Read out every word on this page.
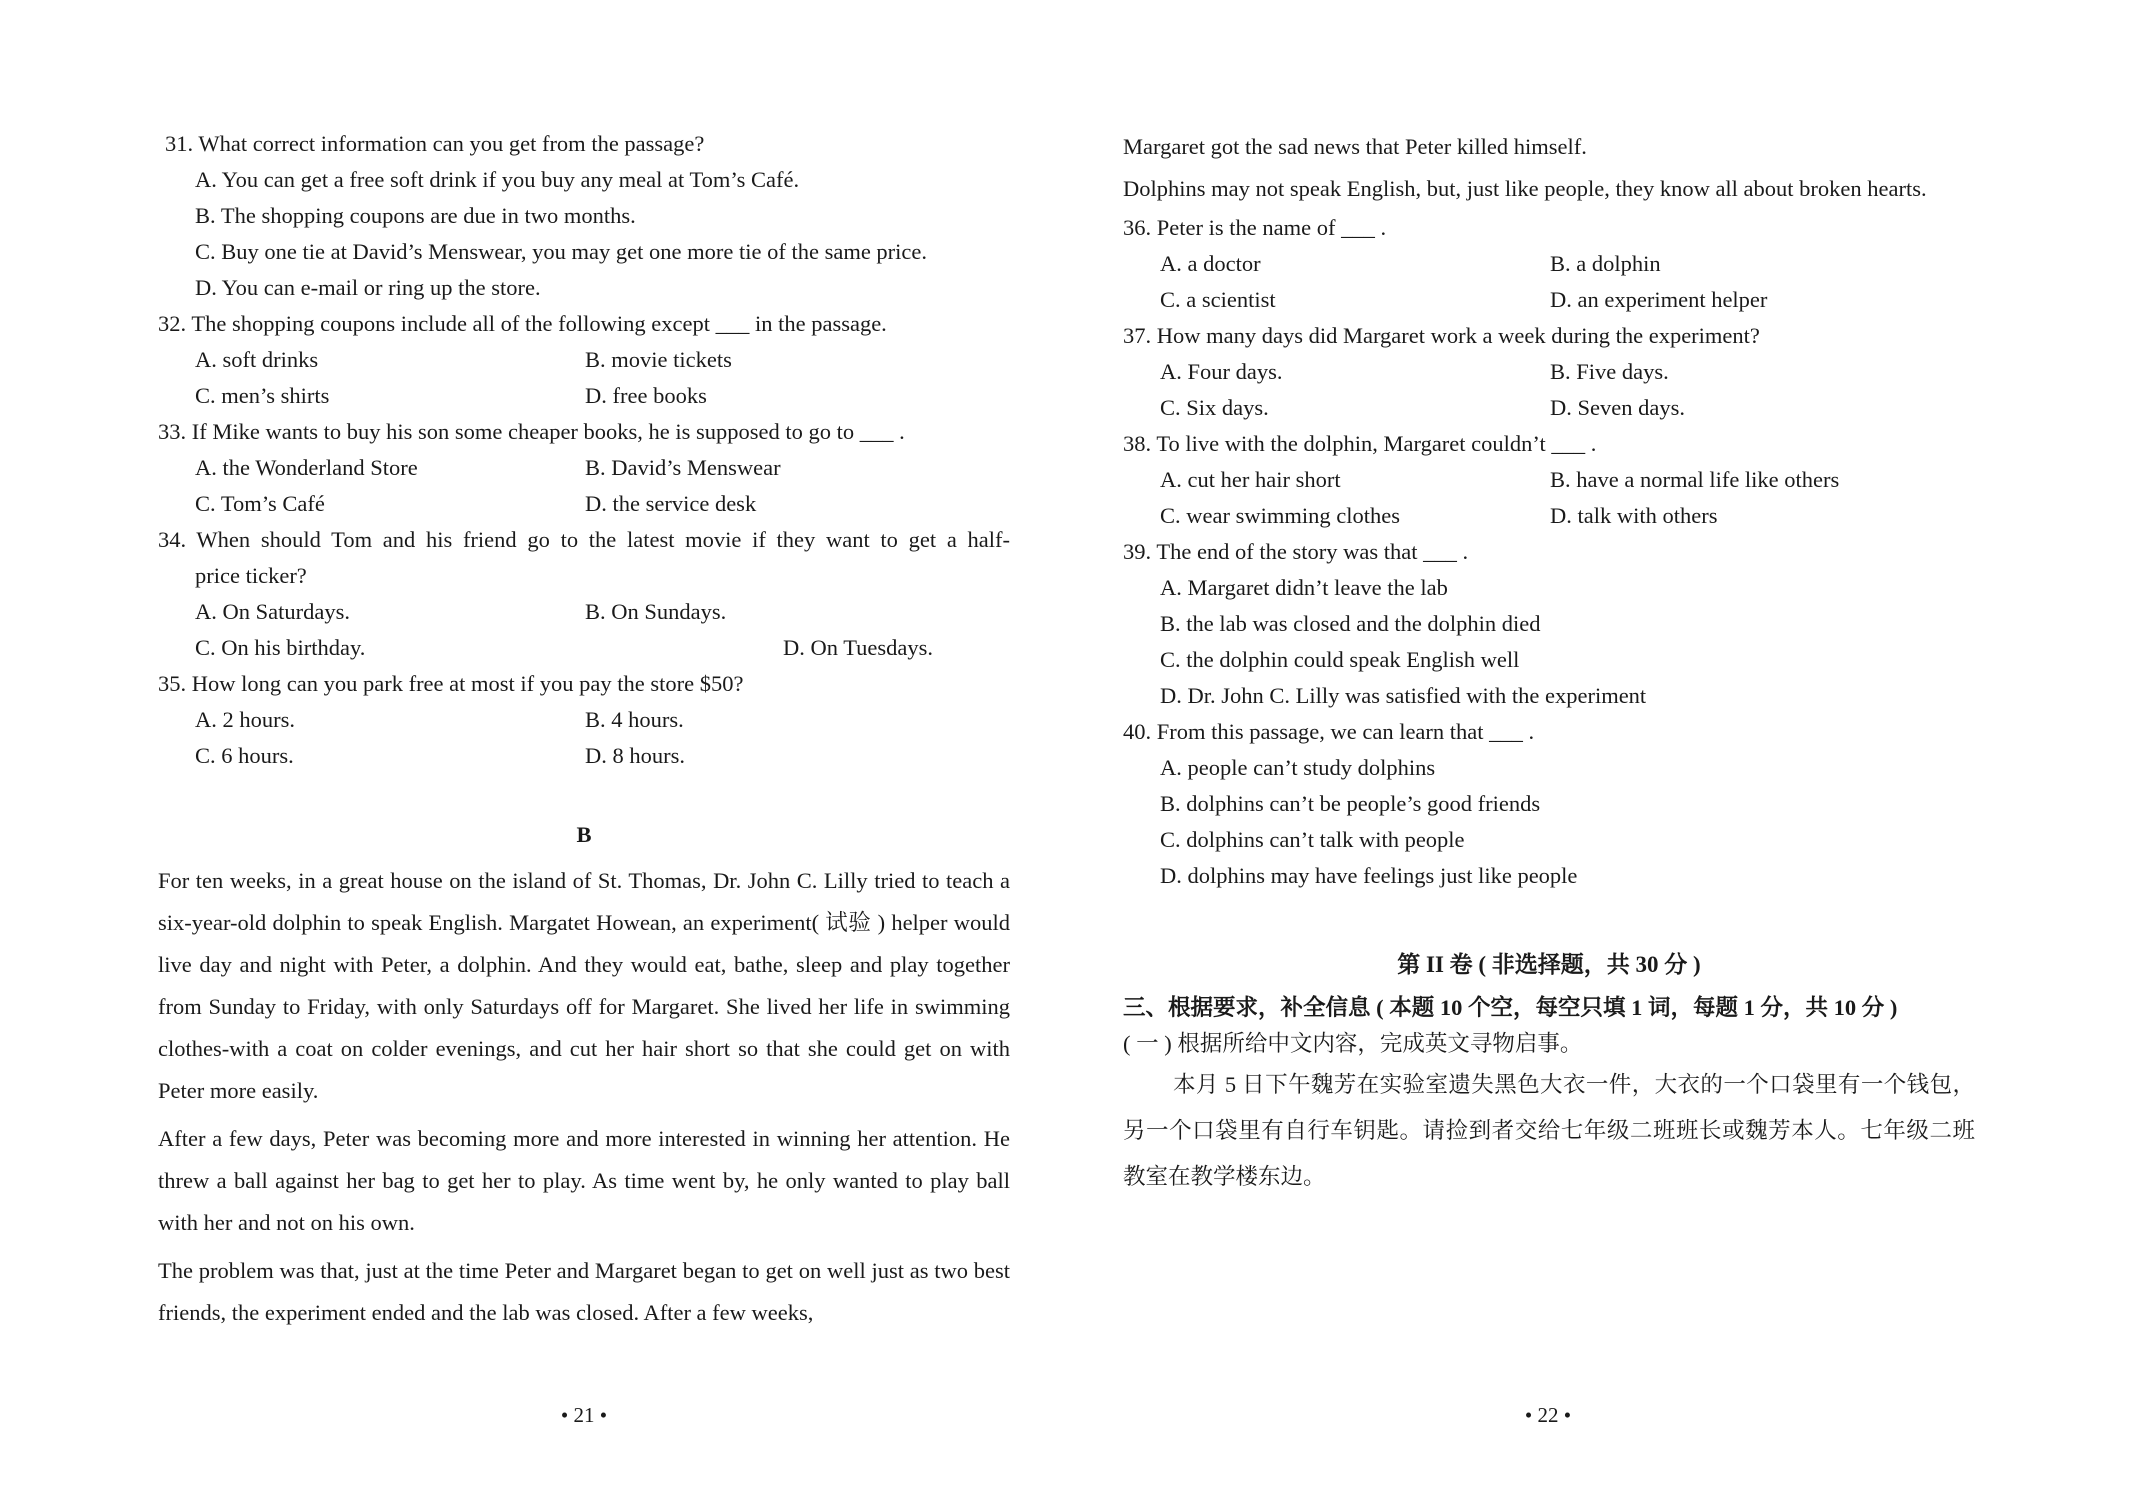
31. What correct information can you get from the passage?
A. You can get a free soft drink if you buy any meal at Tom’s Café.
B. The shopping coupons are due in two months.
C. Buy one tie at David’s Menswear, you may get one more tie of the same price.
D. You can e-mail or ring up the store.
32. The shopping coupons include all of the following except ___ in the passage.
A. soft drinks	B. movie tickets
C. men’s shirts	D. free books
33. If Mike wants to buy his son some cheaper books, he is supposed to go to ___ .
A. the Wonderland Store	B. David’s Menswear
C. Tom’s Café	D. the service desk
34. When should Tom and his friend go to the latest movie if they want to get a half-
price ticker?
A. On Saturdays.	B. On Sundays.
C. On his birthday.	D. On Tuesdays.
35. How long can you park free at most if you pay the store $50?
A. 2 hours.	B. 4 hours.
C. 6 hours.	D. 8 hours.
B
For ten weeks, in a great house on the island of St. Thomas, Dr. John C. Lilly tried to teach a six-year-old dolphin to speak English. Margatet Howean, an experiment( 试验 ) helper would live day and night with Peter, a dolphin. And they would eat, bathe, sleep and play together from Sunday to Friday, with only Saturdays off for Margaret. She lived her life in swimming clothes-with a coat on colder evenings, and cut her hair short so that she could get on with Peter more easily.
After a few days, Peter was becoming more and more interested in winning her attention. He threw a ball against her bag to get her to play. As time went by, he only wanted to play ball with her and not on his own.
The problem was that, just at the time Peter and Margaret began to get on well just as two best friends, the experiment ended and the lab was closed. After a few weeks,
• 21 •
Margaret got the sad news that Peter killed himself.
Dolphins may not speak English, but, just like people, they know all about broken hearts.
36. Peter is the name of ___ .
A. a doctor	B. a dolphin
C. a scientist	D. an experiment helper
37. How many days did Margaret work a week during the experiment?
A. Four days.	B. Five days.
C. Six days.	D. Seven days.
38. To live with the dolphin, Margaret couldn’t ___ .
A. cut her hair short	B. have a normal life like others
C. wear swimming clothes	D. talk with others
39. The end of the story was that ___ .
A. Margaret didn’t leave the lab
B. the lab was closed and the dolphin died
C. the dolphin could speak English well
D. Dr. John C. Lilly was satisfied with the experiment
40. From this passage, we can learn that ___ .
A. people can’t study dolphins
B. dolphins can’t be people’s good friends
C. dolphins can’t talk with people
D. dolphins may have feelings just like people
第 II 卷 ( 非选择题，共 30 分 )
三、根据要求，补全信息 ( 本题 10 个空，每空只填 1 词，每题 1 分，共 10 分 )
( 一 ) 根据所给中文内容，完成英文寻物启事。
本月 5 日下午魏芳在实验室遗失黑色大衣一件，大衣的一个口袋里有一个钱包，另一个口袋里有自行车钥匙。请捡到者交给七年级二班班长或魏芳本人。七年级二班教室在教学楼东边。
• 22 •
